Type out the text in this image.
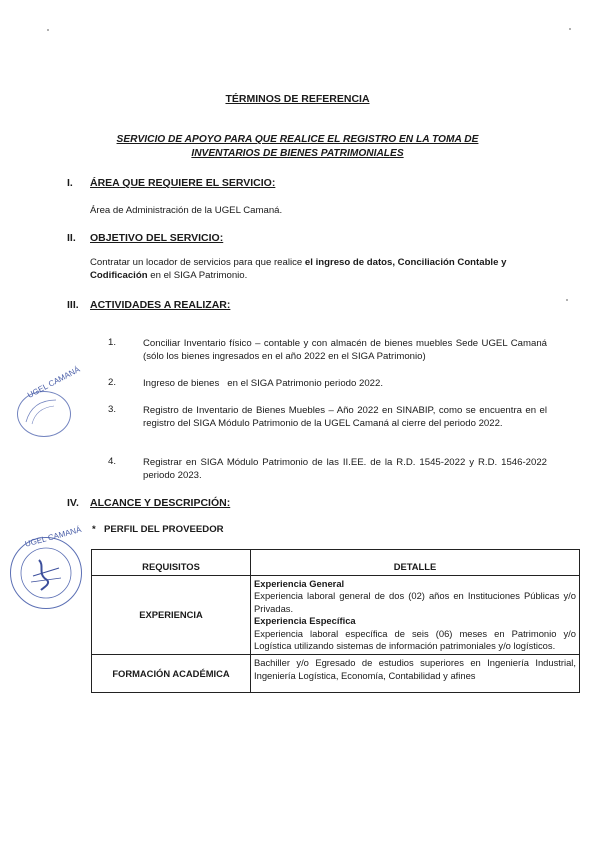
TÉRMINOS DE REFERENCIA
SERVICIO DE APOYO PARA QUE REALICE EL REGISTRO EN LA TOMA DE
INVENTARIOS DE BIENES PATRIMONIALES
I. ÁREA QUE REQUIERE EL SERVICIO:
Área de Administración de la UGEL Camaná.
II. OBJETIVO DEL SERVICIO:
Contratar un locador de servicios para que realice el ingreso de datos, Conciliación Contable y Codificación en el SIGA Patrimonio.
III. ACTIVIDADES A REALIZAR:
1.	Conciliar Inventario físico – contable y con almacén de bienes muebles Sede UGEL Camaná (sólo los bienes ingresados en el año 2022 en el SIGA Patrimonio)
2.	Ingreso de bienes   en el SIGA Patrimonio periodo 2022.
3.	Registro de Inventario de Bienes Muebles – Año 2022 en SINABIP, como se encuentra en el registro del SIGA Módulo Patrimonio de la UGEL Camaná al cierre del periodo 2022.
4.	Registrar en SIGA Módulo Patrimonio de las II.EE. de la R.D. 1545-2022 y R.D. 1546-2022 periodo 2023.
IV. ALCANCE Y DESCRIPCIÓN:
* PERFIL DEL PROVEEDOR
REQUISITOS	DETALLE
EXPERIENCIA	Experiencia General
Experiencia laboral general de dos (02) años en Instituciones Públicas y/o Privadas.
Experiencia Específica
Experiencia laboral específica de seis (06) meses en Patrimonio y/o Logística utilizando sistemas de información patrimoniales y/o logísticos.

FORMACIÓN ACADÉMICA	Bachiller y/o Egresado de estudios superiores en Ingeniería Industrial, Ingeniería Logística, Economía, Contabilidad y afines
UGEL CAMANÁ
UGEL CAMANÁ
